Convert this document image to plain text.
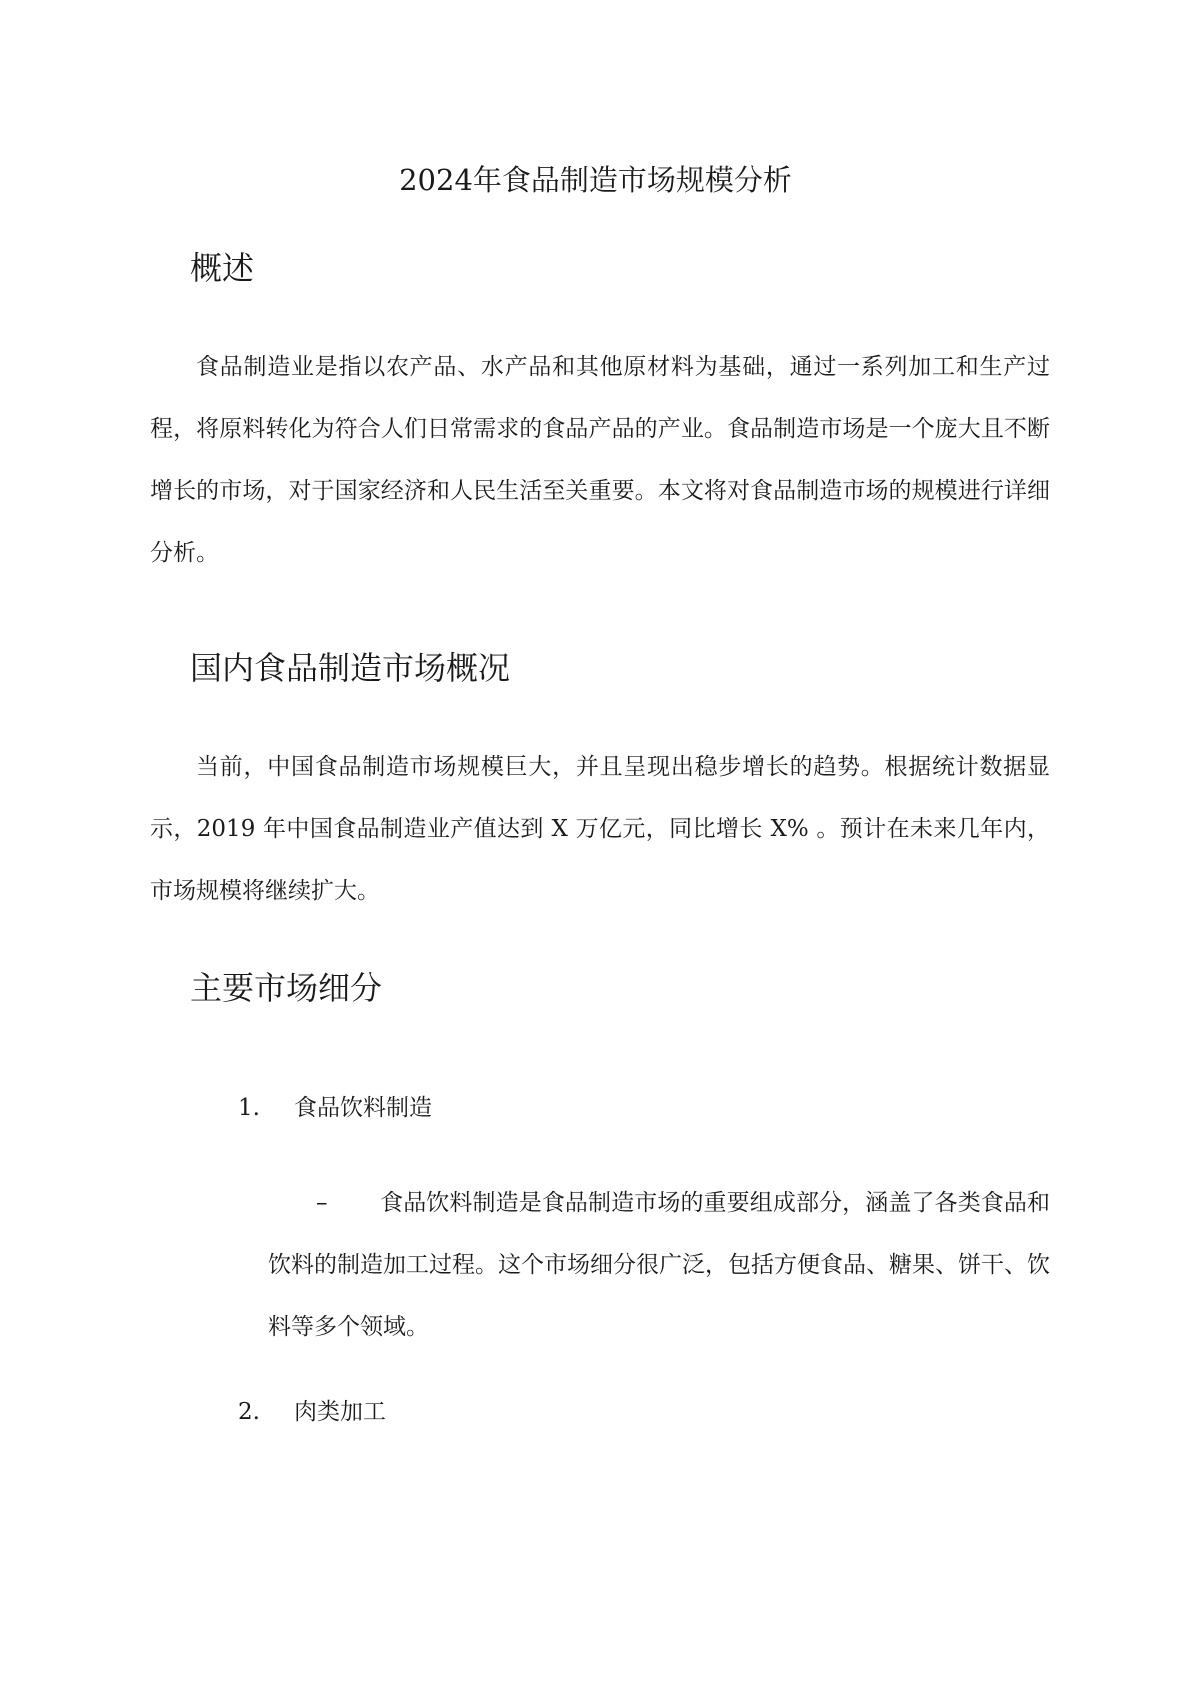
2024年食品制造市场规模分析
概述

食品制造业是指以农产品、水产品和其他原材料为基础，通过一系列加工和生产过程，将原料转化为符合人们日常需求的食品产品的产业。食品制造市场是一个庞大且不断增长的市场，对于国家经济和人民生活至关重要。本文将对食品制造市场的规模进行详细分析。

国内食品制造市场概况

当前，中国食品制造市场规模巨大，并且呈现出稳步增长的趋势。根据统计数据显示，2019 年中国食品制造业产值达到 X 万亿元，同比增长 X% 。预计在未来几年内，市场规模将继续扩大。

主要市场细分
1.	食品饮料制造

– 食品饮料制造是食品制造市场的重要组成部分，涵盖了各类食品和饮料的制造加工过程。这个市场细分很广泛，包括方便食品、糖果、饼干、饮料等多个领域。

2.	肉类加工
